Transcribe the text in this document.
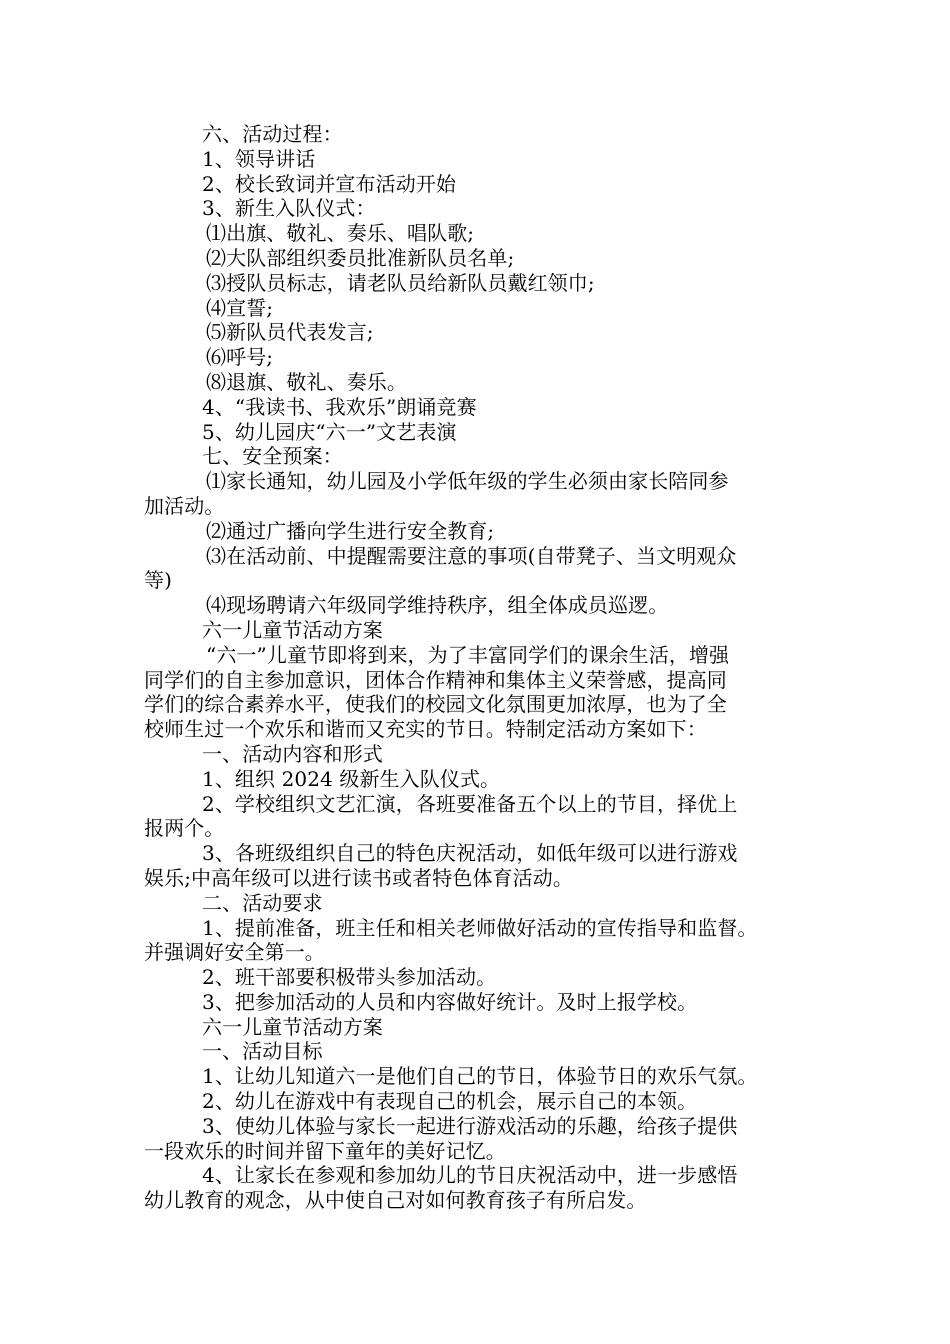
六、活动过程：

1、领导讲话

2、校长致词并宣布活动开始

3、新生入队仪式：

⑴出旗、敬礼、奏乐、唱队歌;

⑵大队部组织委员批准新队员名单;

⑶授队员标志，请老队员给新队员戴红领巾;

⑷宣誓;

⑸新队员代表发言;

⑹呼号;

⑻退旗、敬礼、奏乐。

4、“我读书、我欢乐”朗诵竞赛

5、幼儿园庆“六一”文艺表演

七、安全预案：

⑴家长通知，幼儿园及小学低年级的学生必须由家长陪同参

加活动。

⑵通过广播向学生进行安全教育;

⑶在活动前、中提醒需要注意的事项(自带凳子、当文明观众

等)

⑷现场聘请六年级同学维持秩序，组全体成员巡逻。

六一儿童节活动方案

“六一”儿童节即将到来，为了丰富同学们的课余生活，增强

同学们的自主参加意识，团体合作精神和集体主义荣誉感，提高同

学们的综合素养水平，使我们的校园文化氛围更加浓厚，也为了全

校师生过一个欢乐和谐而又充实的节日。特制定活动方案如下：

一、活动内容和形式

1、组织 2024 级新生入队仪式。

2、学校组织文艺汇演，各班要准备五个以上的节目，择优上

报两个。

3、各班级组织自己的特色庆祝活动，如低年级可以进行游戏

娱乐;中高年级可以进行读书或者特色体育活动。

二、活动要求

1、提前准备，班主任和相关老师做好活动的宣传指导和监督。

并强调好安全第一。

2、班干部要积极带头参加活动。

3、把参加活动的人员和内容做好统计。及时上报学校。

六一儿童节活动方案

一、活动目标

1、让幼儿知道六一是他们自己的节日，体验节日的欢乐气氛。

2、幼儿在游戏中有表现自己的机会，展示自己的本领。

3、使幼儿体验与家长一起进行游戏活动的乐趣，给孩子提供

一段欢乐的时间并留下童年的美好记忆。

4、让家长在参观和参加幼儿的节日庆祝活动中，进一步感悟

幼儿教育的观念，从中使自己对如何教育孩子有所启发。
